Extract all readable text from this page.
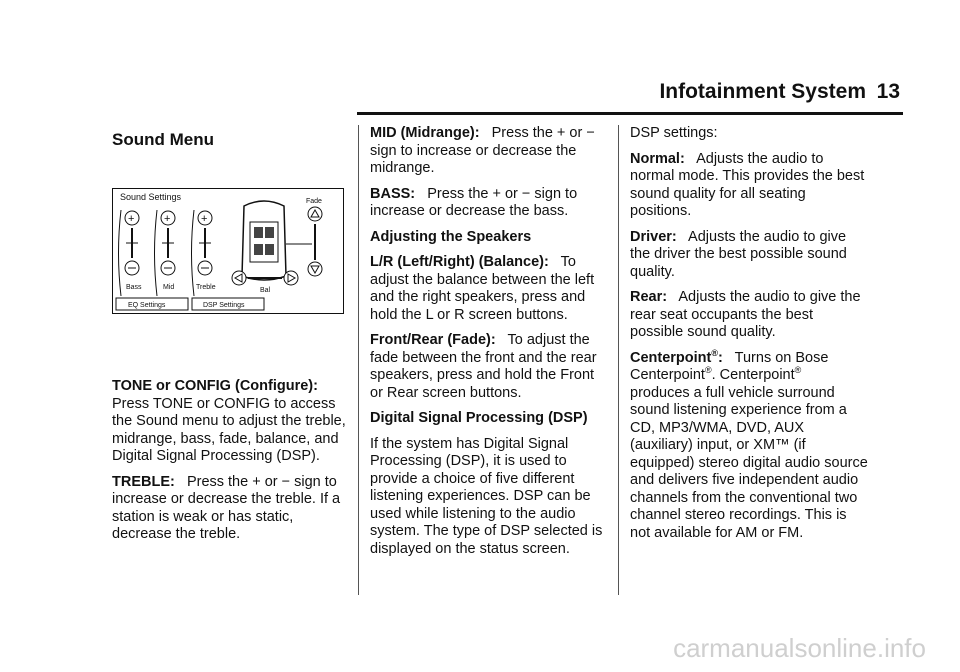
Infotainment System 13
Sound Menu
Sound Settings
+
Bass
+
Mid
+
Treble
Fade
Bal
EQ Settings	DSP Settings

TONE or CONFIG (Configure):
Press TONE or CONFIG to access the Sound menu to adjust the treble, midrange, bass, fade, balance, and Digital Signal Processing (DSP).

TREBLE: Press the + or − sign to increase or decrease the treble. If a station is weak or has static, decrease the treble.

MID (Midrange): Press the + or − sign to increase or decrease the midrange.

BASS: Press the + or − sign to increase or decrease the bass.

Adjusting the Speakers

L/R (Left/Right) (Balance): To adjust the balance between the left and the right speakers, press and hold the L or R screen buttons.

Front/Rear (Fade): To adjust the fade between the front and the rear speakers, press and hold the Front or Rear screen buttons.

Digital Signal Processing (DSP)

If the system has Digital Signal Processing (DSP), it is used to provide a choice of five different listening experiences. DSP can be used while listening to the audio system. The type of DSP selected is displayed on the status screen.

DSP settings:

Normal: Adjusts the audio to normal mode. This provides the best sound quality for all seating positions.

Driver: Adjusts the audio to give the driver the best possible sound quality.

Rear: Adjusts the audio to give the rear seat occupants the best possible sound quality.

Centerpoint®: Turns on Bose Centerpoint®. Centerpoint®
produces a full vehicle surround sound listening experience from a CD, MP3/WMA, DVD, AUX (auxiliary) input, or XM™ (if equipped) stereo digital audio source and delivers five independent audio channels from the conventional two channel stereo recordings. This is not available for AM or FM.

carmanualsonline.info
